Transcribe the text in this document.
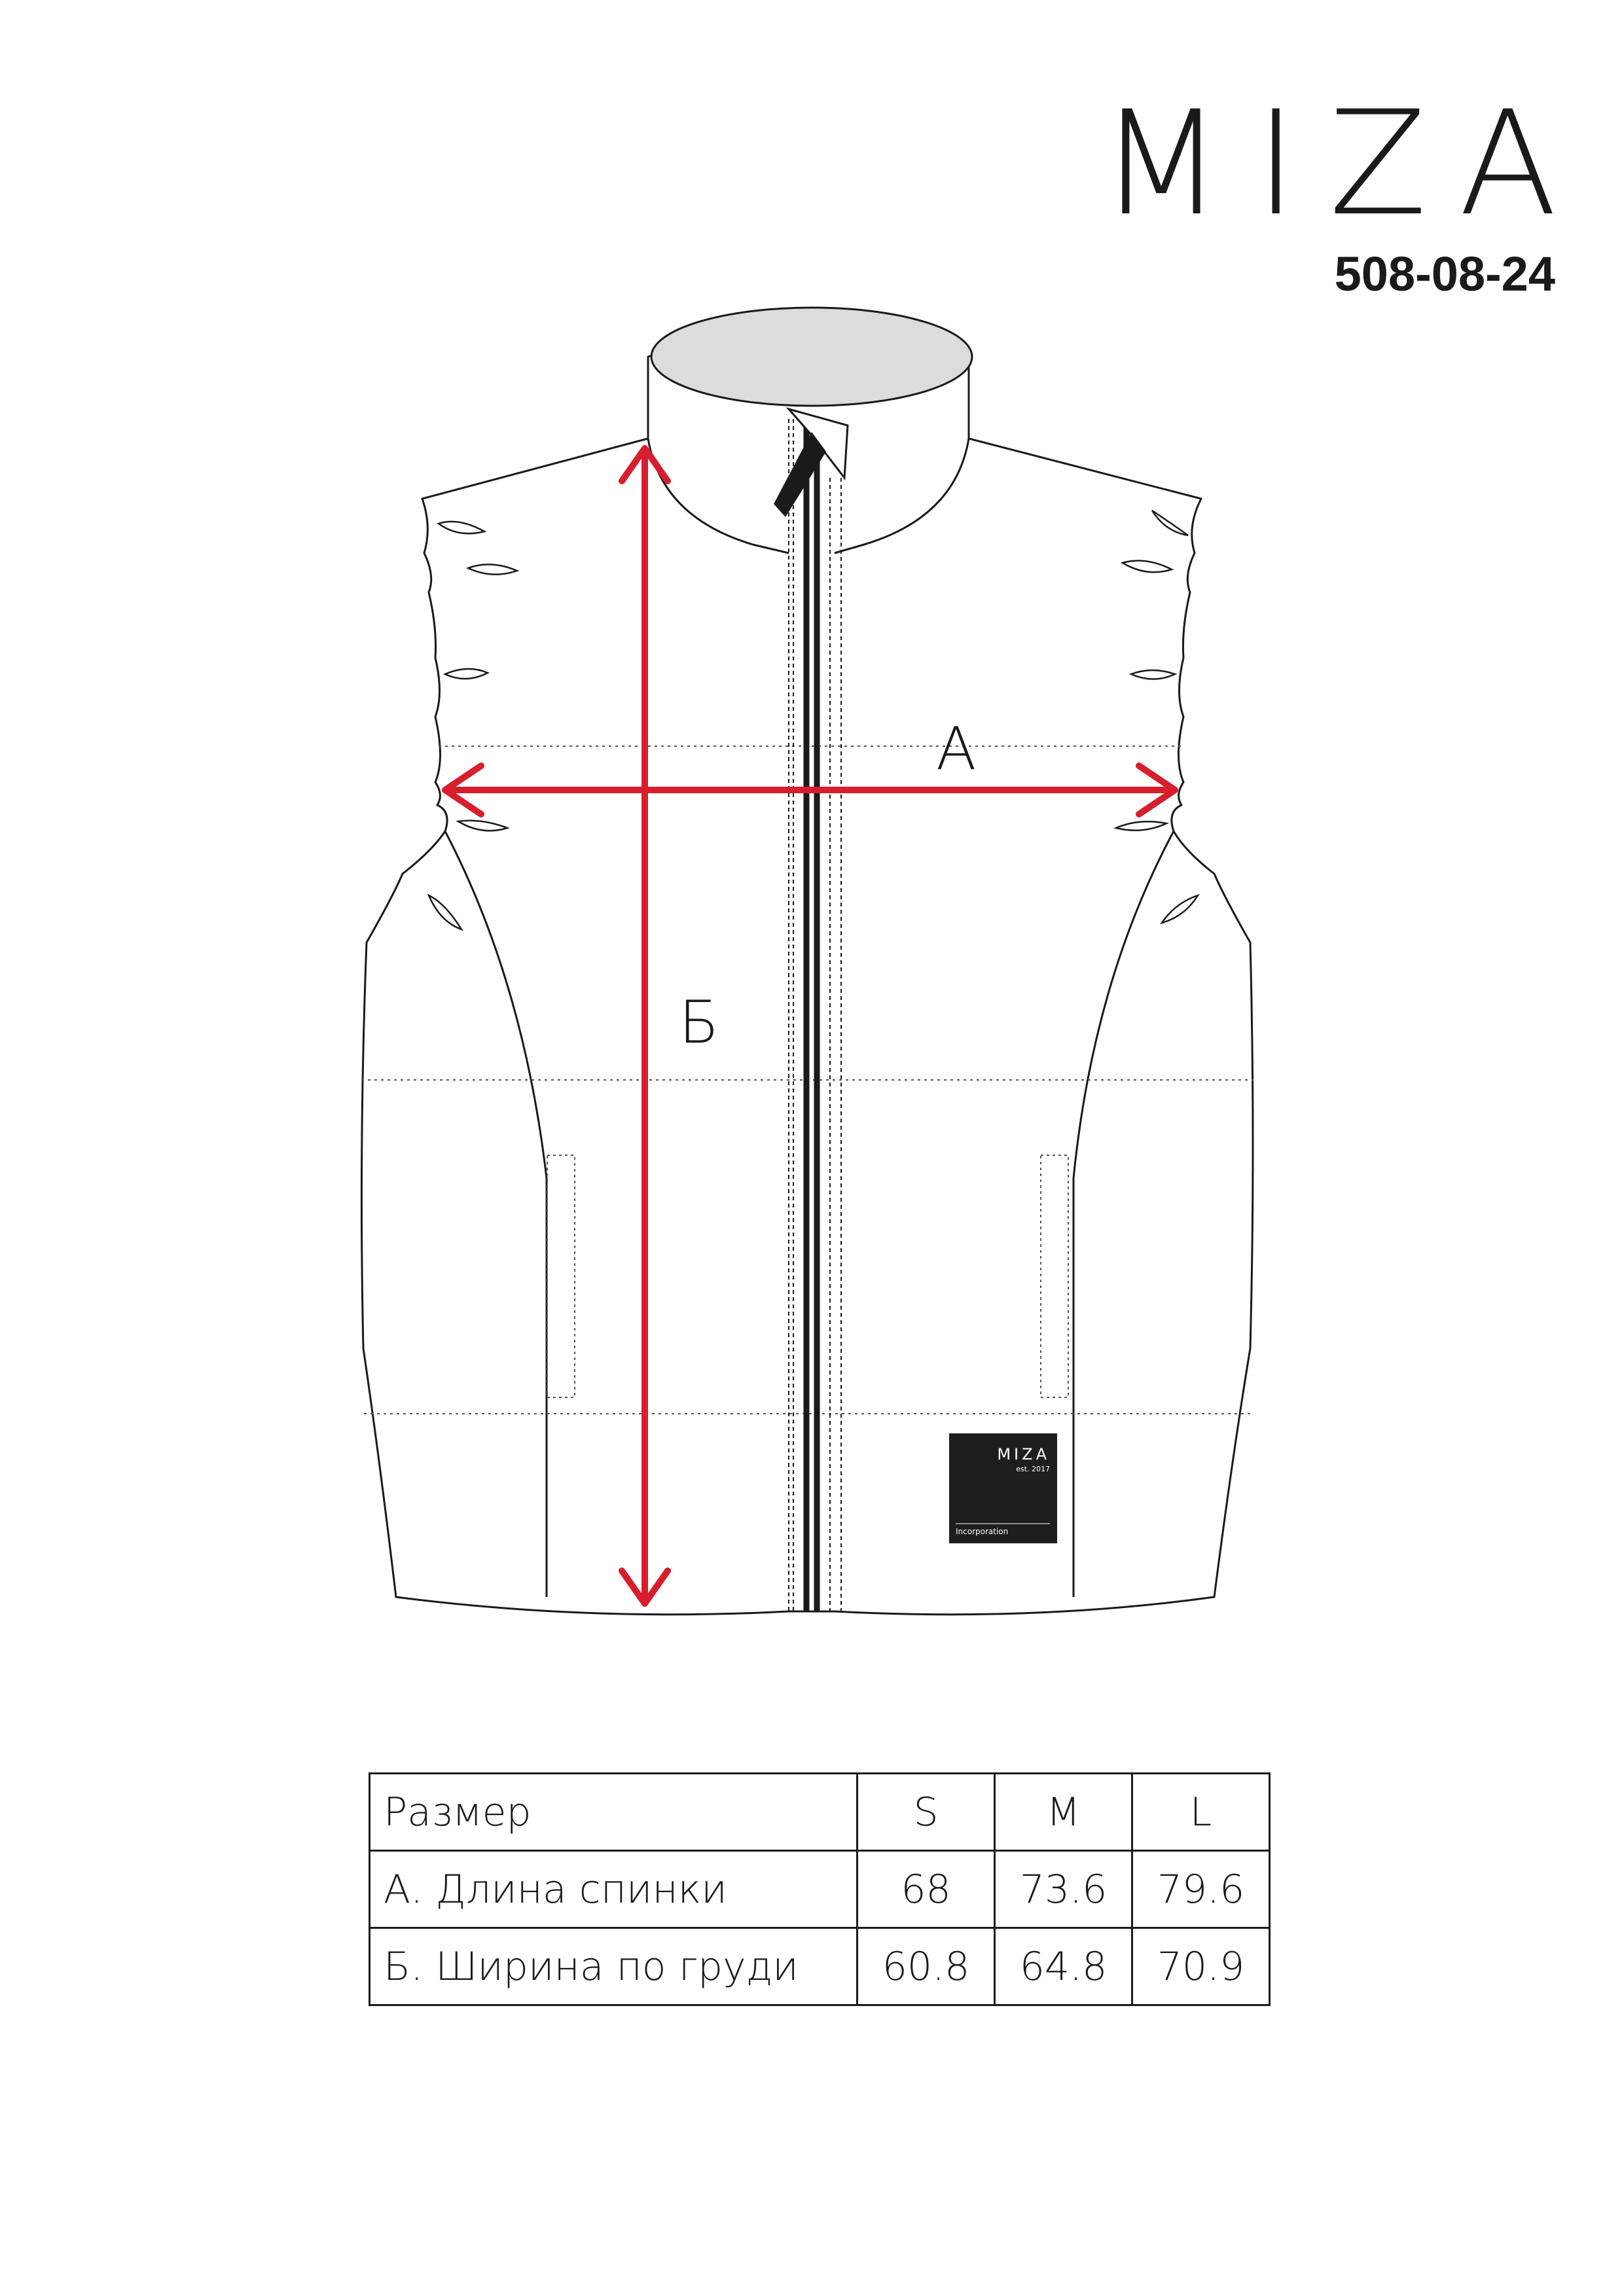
MIZA
508-08-24
MIZA
est. 2017
Incorporation
А
Б
Размер	S	M	L
А. Длина спинки	68	73.6	79.6
Б. Ширина по груди	60.8	64.8	70.9
